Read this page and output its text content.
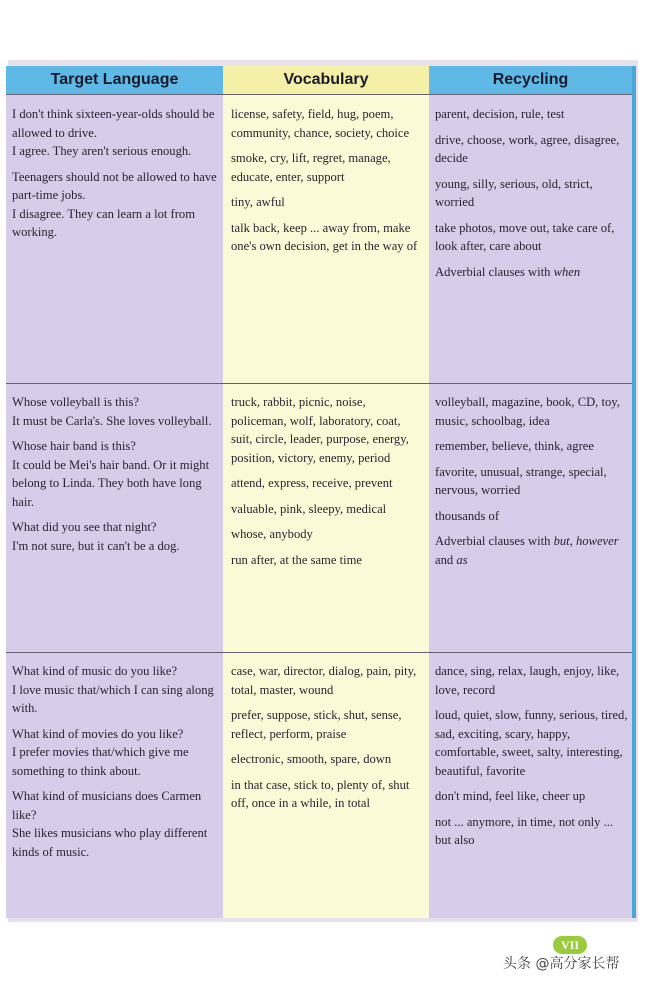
Target Language	Vocabulary	Recycling

I don't think sixteen-year-olds should be allowed to drive.
I agree. They aren't serious enough.

Teenagers should not be allowed to have part-time jobs.
I disagree. They can learn a lot from working.

license, safety, field, hug, poem, community, chance, society, choice

smoke, cry, lift, regret, manage, educate, enter, support

tiny, awful

talk back, keep ... away from, make one's own decision, get in the way of

parent, decision, rule, test

drive, choose, work, agree, disagree, decide

young, silly, serious, old, strict, worried

take photos, move out, take care of, look after, care about

Adverbial clauses with when

Whose volleyball is this?
It must be Carla's. She loves volleyball.

Whose hair band is this?
It could be Mei's hair band. Or it might belong to Linda. They both have long hair.

What did you see that night?
I'm not sure, but it can't be a dog.

truck, rabbit, picnic, noise, policeman, wolf, laboratory, coat, suit, circle, leader, purpose, energy, position, victory, enemy, period

attend, express, receive, prevent

valuable, pink, sleepy, medical

whose, anybody

run after, at the same time

volleyball, magazine, book, CD, toy, music, schoolbag, idea

remember, believe, think, agree

favorite, unusual, strange, special, nervous, worried

thousands of

Adverbial clauses with but, however
and as

What kind of music do you like?
I love music that/which I can sing along with.

What kind of movies do you like?
I prefer movies that/which give me something to think about.

What kind of musicians does Carmen like?
She likes musicians who play different kinds of music.

case, war, director, dialog, pain, pity, total, master, wound

prefer, suppose, stick, shut, sense, reflect, perform, praise

electronic, smooth, spare, down

in that case, stick to, plenty of, shut off, once in a while, in total

dance, sing, relax, laugh, enjoy, like, love, record

loud, quiet, slow, funny, serious, tired, sad, exciting, scary, happy, comfortable, sweet, salty, interesting, beautiful, favorite

don't mind, feel like, cheer up

not ... anymore, in time, not only ... but also

VII
头条 @高分家长帮
